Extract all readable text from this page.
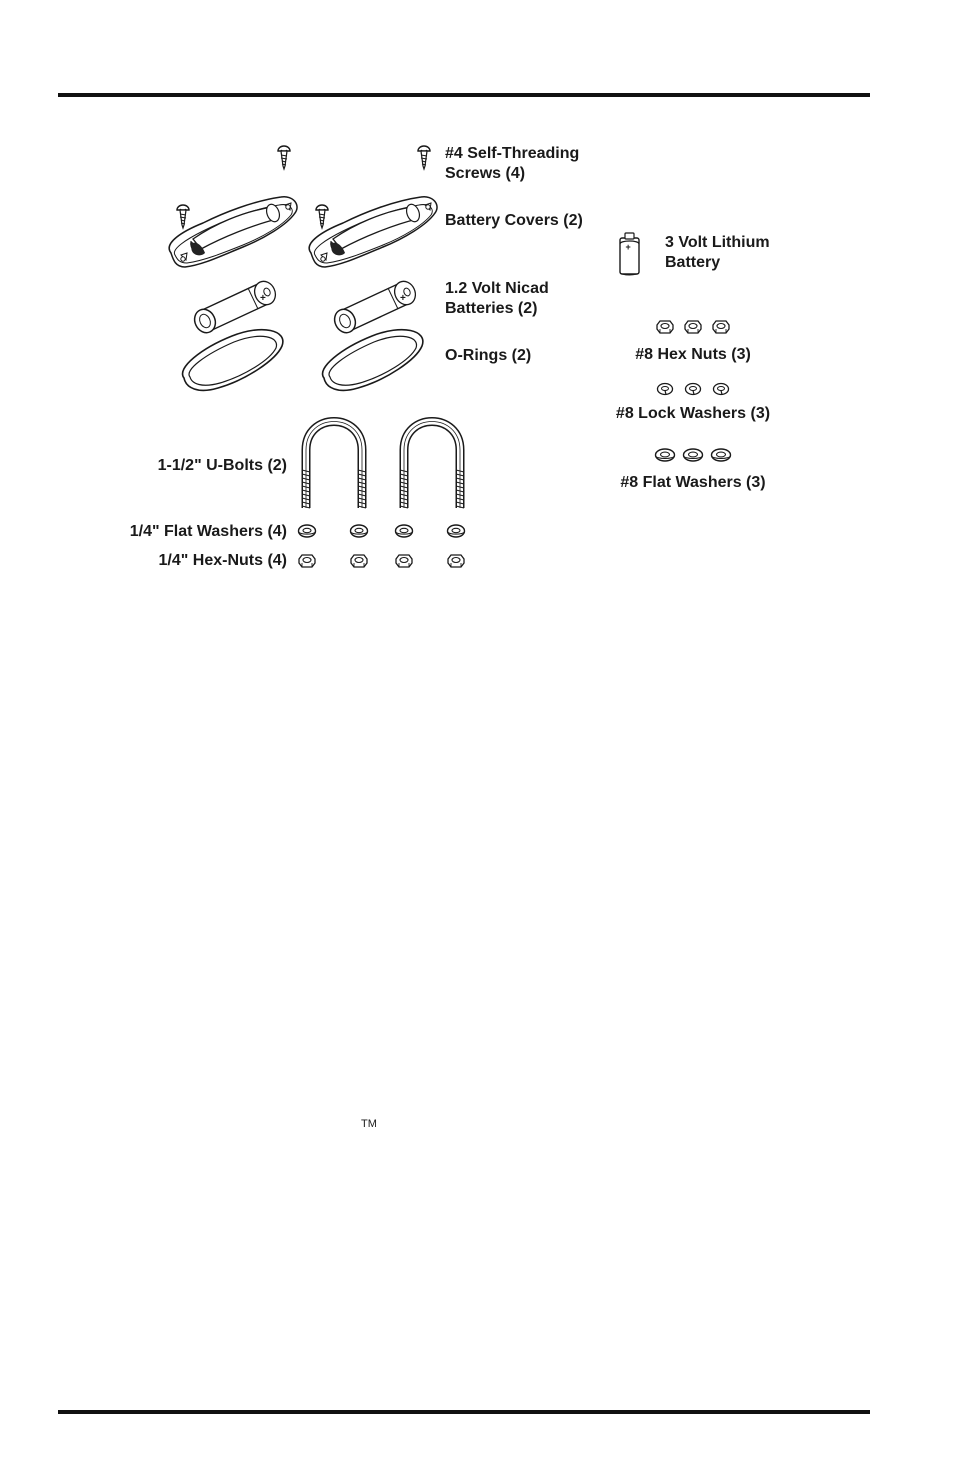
+	+
+
#4 Self-Threading
Screws (4)
Battery Covers (2)
1.2 Volt Nicad
Batteries (2)
O-Rings (2)
1-1/2" U-Bolts (2)
1/4" Flat Washers (4)
1/4" Hex-Nuts (4)
3 Volt Lithium
Battery
#8 Hex Nuts (3)
#8 Lock Washers (3)
#8 Flat Washers (3)
TM
